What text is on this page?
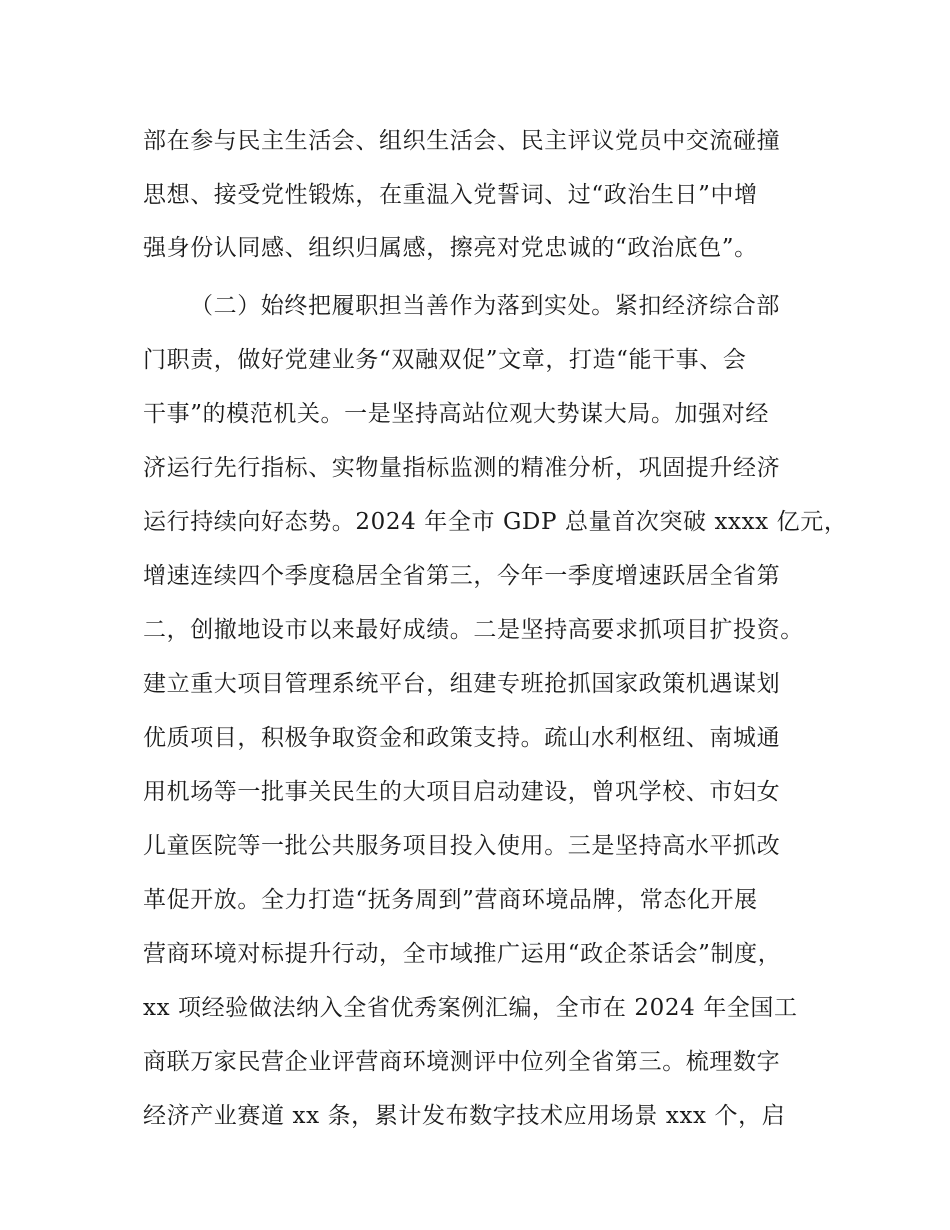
部在参与民主生活会、组织生活会、民主评议党员中交流碰撞
思想、接受党性锻炼，在重温入党誓词、过“政治生日”中增
强身份认同感、组织归属感，擦亮对党忠诚的“政治底色”。
（二）始终把履职担当善作为落到实处。紧扣经济综合部
门职责，做好党建业务“双融双促”文章，打造“能干事、会
干事”的模范机关。一是坚持高站位观大势谋大局。加强对经
济运行先行指标、实物量指标监测的精准分析，巩固提升经济
运行持续向好态势。2024 年全市 GDP 总量首次突破 xxxx 亿元，
增速连续四个季度稳居全省第三，今年一季度增速跃居全省第
二，创撤地设市以来最好成绩。二是坚持高要求抓项目扩投资。
建立重大项目管理系统平台，组建专班抢抓国家政策机遇谋划
优质项目，积极争取资金和政策支持。疏山水利枢纽、南城通
用机场等一批事关民生的大项目启动建设，曾巩学校、市妇女
儿童医院等一批公共服务项目投入使用。三是坚持高水平抓改
革促开放。全力打造“抚务周到”营商环境品牌，常态化开展
营商环境对标提升行动，全市域推广运用“政企茶话会”制度，
xx 项经验做法纳入全省优秀案例汇编，全市在 2024 年全国工
商联万家民营企业评营商环境测评中位列全省第三。梳理数字
经济产业赛道 xx 条，累计发布数字技术应用场景 xxx 个，启
